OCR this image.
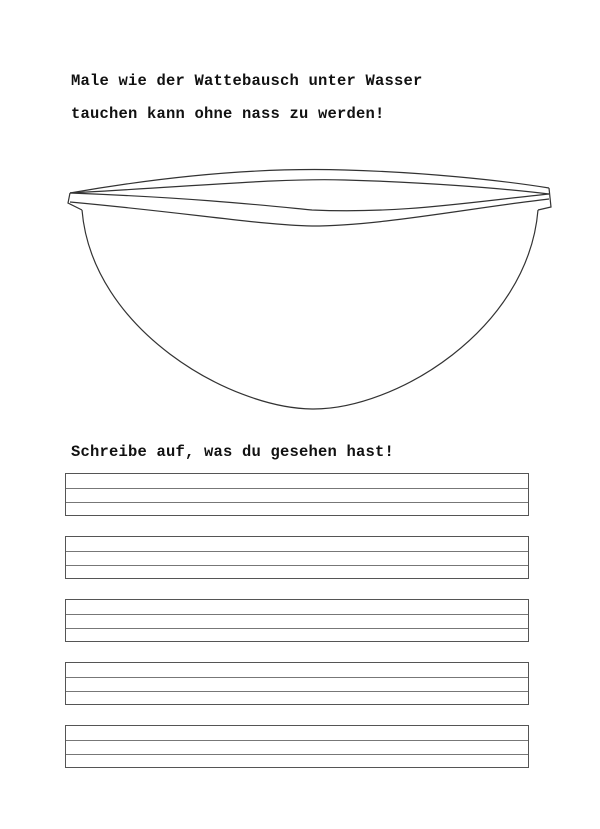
Male wie der Wattebausch unter Wasser

tauchen kann ohne nass zu werden!

Schreibe auf, was du gesehen hast!
